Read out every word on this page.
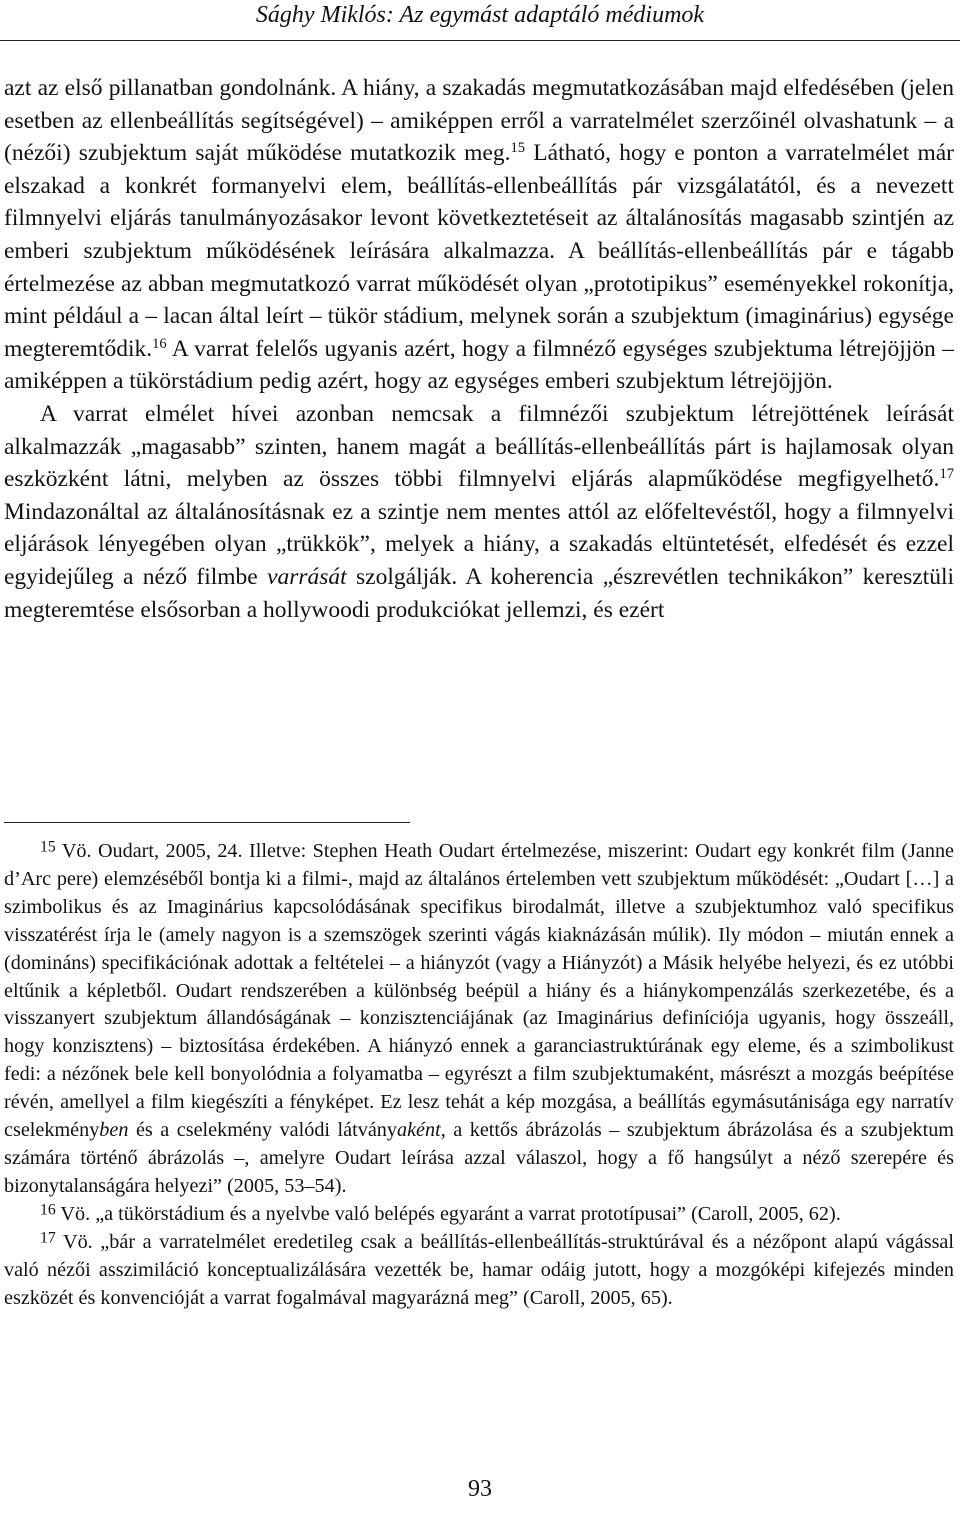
Sághy Miklós: Az egymást adaptáló médiumok

azt az első pillanatban gondolnánk. A hiány, a szakadás megmutatkozásában majd elfedésében (jelen esetben az ellenbeállítás segítségével) – amiképpen erről a varratelmélet szerzőinél olvashatunk – a (nézői) szubjektum saját működése mutatkozik meg.$^{15}$ Látható, hogy e ponton a varratelmélet már elszakad a konkrét formanyelvi elem, beállítás-ellenbeállítás pár vizsgálatától, és a nevezett filmnyelvi eljárás tanulmányozásakor levont következtetéseit az általánosítás magasabb szintjén az emberi szubjektum működésének leírására alkalmazza. A beállítás-ellenbeállítás pár e tágabb értelmezése az abban megmutatkozó varrat működését olyan „prototipikus” eseményekkel rokonítja, mint például a – lacan által leírt – tükör stádium, melynek során a szubjektum (imaginárius) egysége megteremtődik.$^{16}$ A varrat felelős ugyanis azért, hogy a filmnéző egységes szubjektuma létrejöjjön – amiképpen a tükörstádium pedig azért, hogy az egységes emberi szubjektum létrejöjjön.

A varrat elmélet hívei azonban nemcsak a filmnézői szubjektum létrejöttének leírását alkalmazzák „magasabb” szinten, hanem magát a beállítás-ellenbeállítás párt is hajlamosak olyan eszközként látni, melyben az összes többi filmnyelvi eljárás alapműködése megfigyelhető.$^{17}$ Mindazonáltal az általánosításnak ez a szintje nem mentes attól az előfeltevéstől, hogy a filmnyelvi eljárások lényegében olyan „trükkök”, melyek a hiány, a szakadás eltüntetését, elfedését és ezzel egyidejűleg a néző filmbe varrását szolgálják. A koherencia „észrevétlen technikákon” keresztüli megteremtése elsősorban a hollywoodi produkciókat jellemzi, és ezért

$^{15}$ Vö. Oudart, 2005, 24. Illetve: Stephen Heath Oudart értelmezése, miszerint: Oudart egy konkrét film (Janne d’Arc pere) elemzéséből bontja ki a filmi-, majd az általános értelemben vett szubjektum működését: „Oudart […] a szimbolikus és az Imaginárius kapcsolódásának specifikus birodalmát, illetve a szubjektumhoz való specifikus visszatérést írja le (amely nagyon is a szemszögek szerinti vágás kiaknázásán múlik). Ily módon – miután ennek a (domináns) specifikációnak adottak a feltételei – a hiányzót (vagy a Hiányzót) a Másik helyébe helyezi, és ez utóbbi eltűnik a képletből. Oudart rendszerében a különbség beépül a hiány és a hiánykompenzálás szerkezetébe, és a visszanyert szubjektum állandóságának – konzisztenciájának (az Imaginárius definíciója ugyanis, hogy összeáll, hogy konzisztens) – biztosítása érdekében. A hiányzó ennek a garanciastruktúrának egy eleme, és a szimbolikust fedi: a nézőnek bele kell bonyolódnia a folyamatba – egyrészt a film szubjektumaként, másrészt a mozgás beépítése révén, amellyel a film kiegészíti a fényképet. Ez lesz tehát a kép mozgása, a beállítás egymásutánisága egy narratív cselekményben és a cselekmény valódi látványaként, a kettős ábrázolás – szubjektum ábrázolása és a szubjektum számára történő ábrázolás –, amelyre Oudart leírása azzal válaszol, hogy a fő hangsúlyt a néző szerepére és bizonytalanságára helyezi” (2005, 53–54).

$^{16}$ Vö. „a tükörstádium és a nyelvbe való belépés egyaránt a varrat prototípusai” (Caroll, 2005, 62).

$^{17}$ Vö. „bár a varratelmélet eredetileg csak a beállítás-ellenbeállítás-struktúrával és a nézőpont alapú vágással való nézői asszimiláció konceptualizálására vezették be, hamar odáig jutott, hogy a mozgóképi kifejezés minden eszközét és konvencióját a varrat fogalmával magyarázná meg” (Caroll, 2005, 65).

93
